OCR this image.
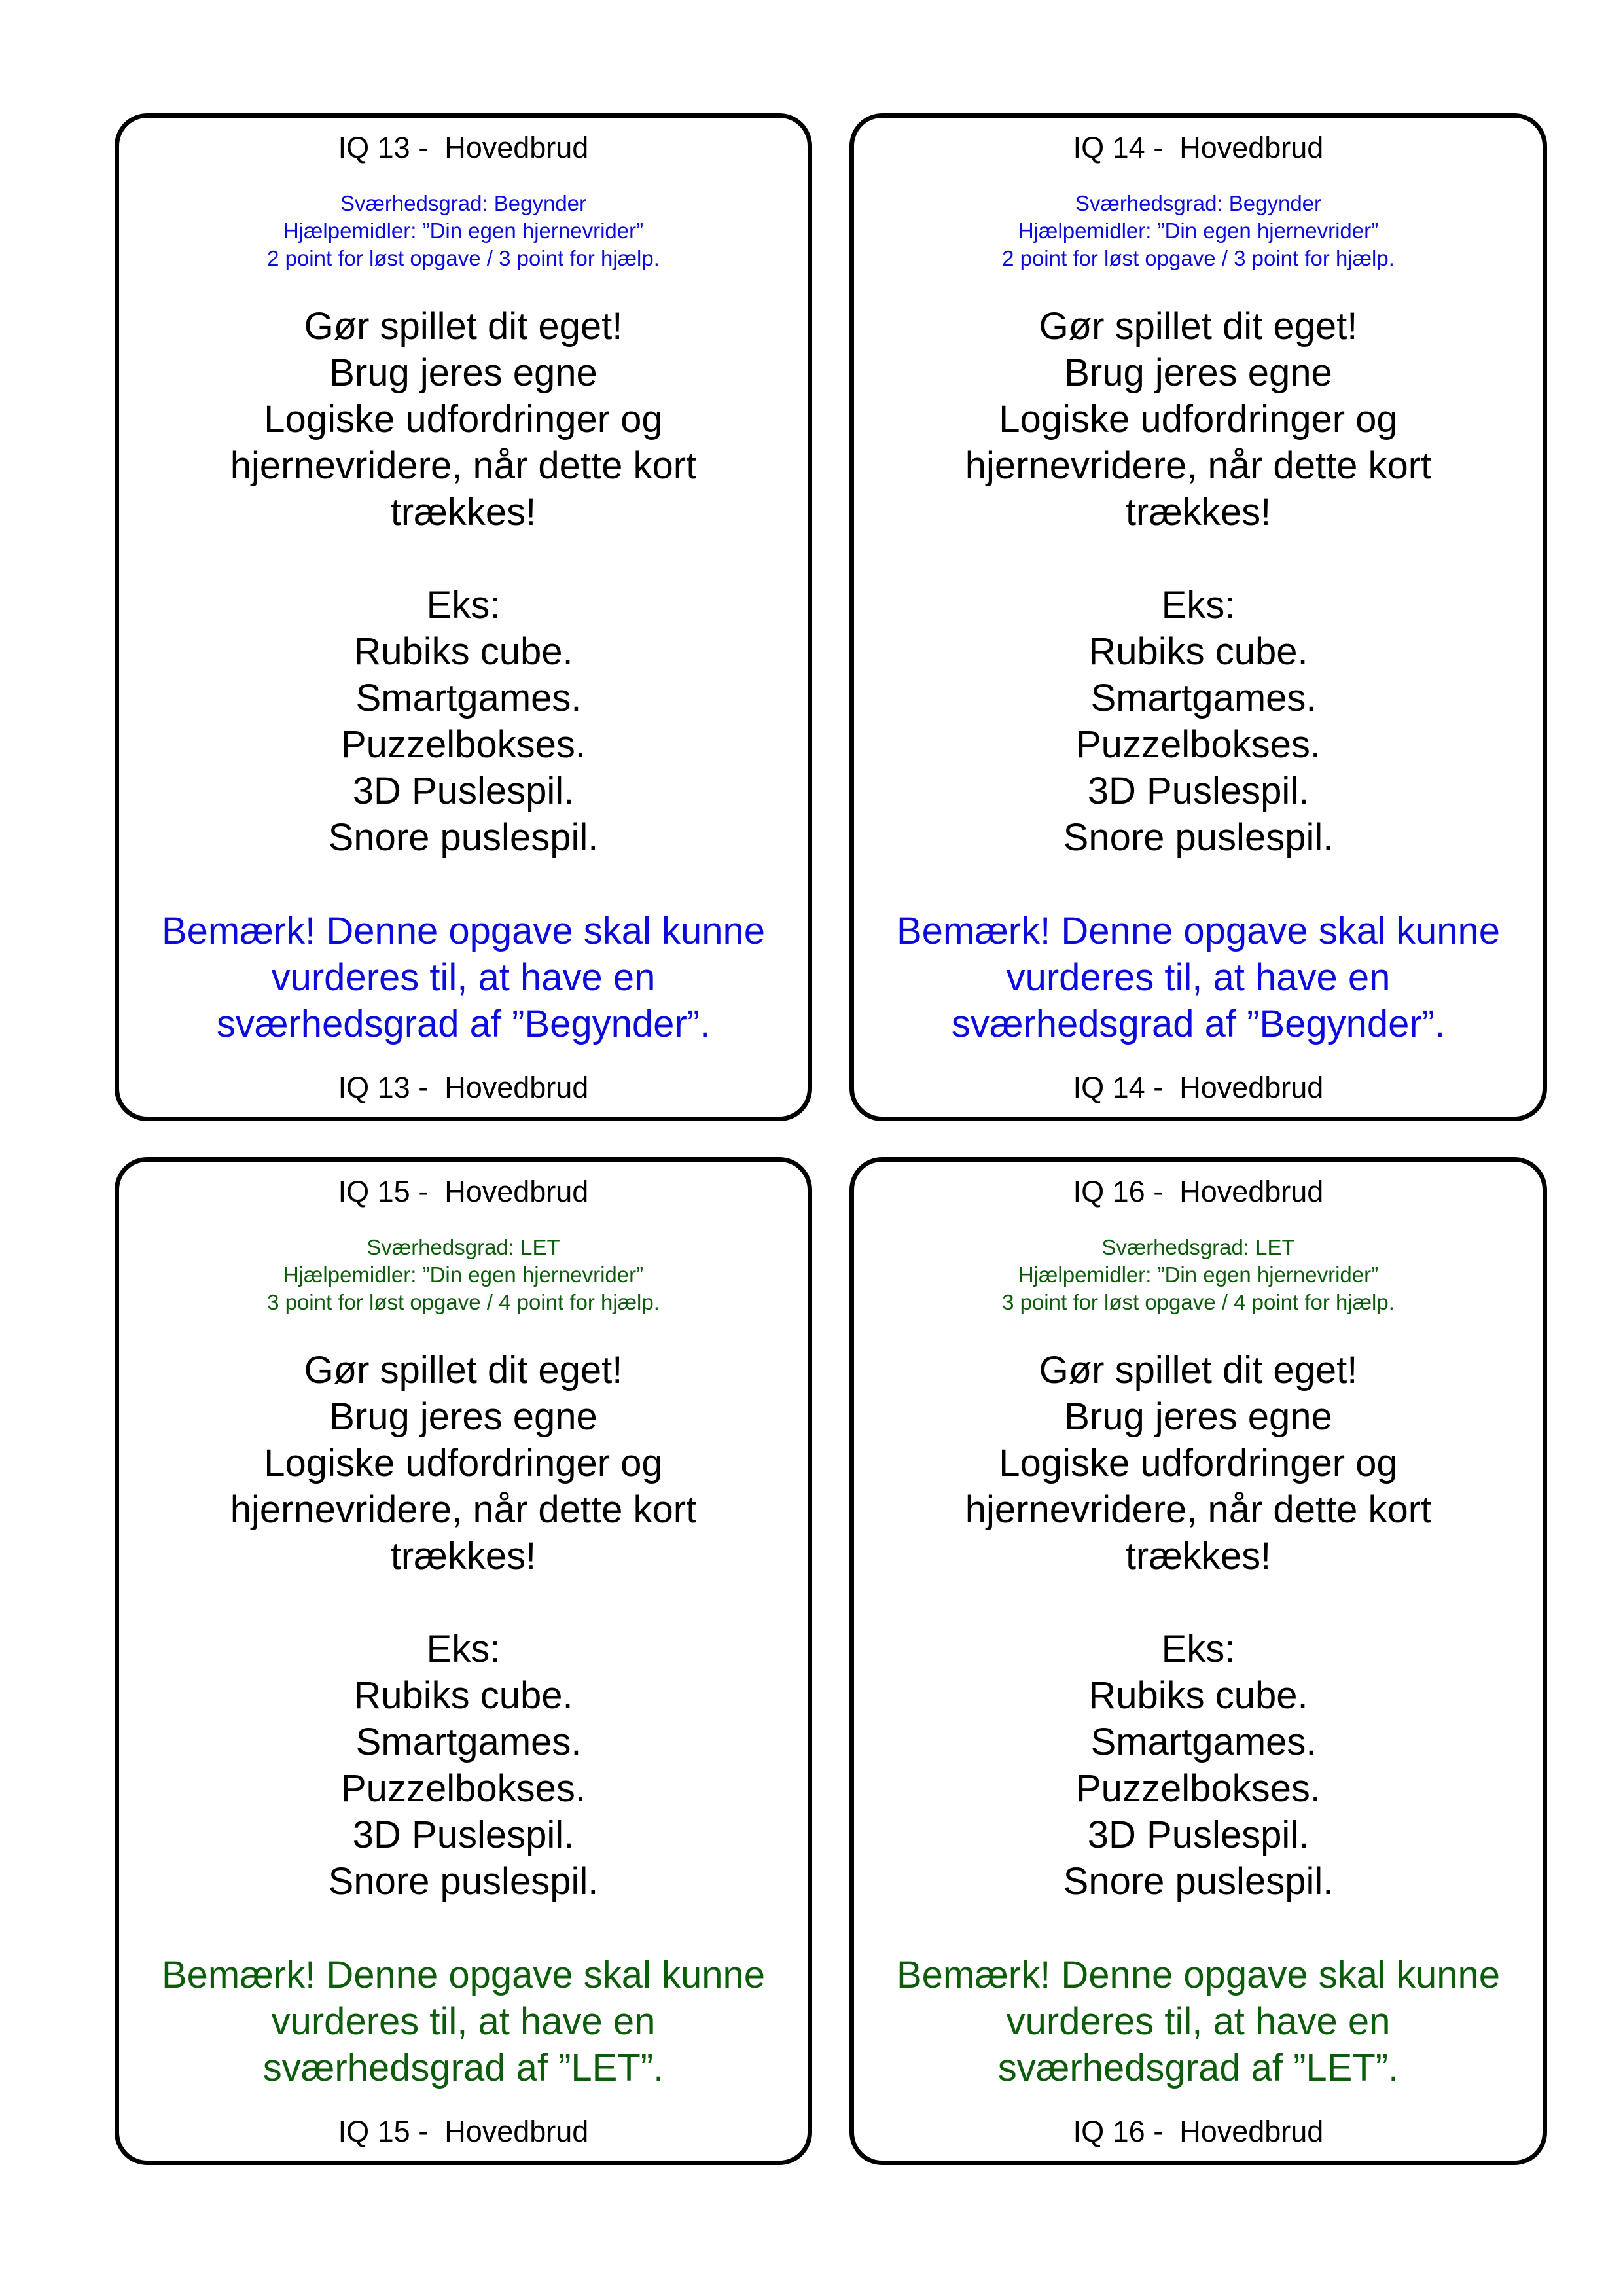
IQ 13 -  Hovedbrud
Sværhedsgrad: Begynder
Hjælpemidler: ”Din egen hjernevrider”
2 point for løst opgave / 3 point for hjælp.
Gør spillet dit eget!
Brug jeres egne
Logiske udfordringer og
hjernevridere, når dette kort
trækkes!
Eks:
Rubiks cube.
Smartgames.
Puzzelbokses.
3D Puslespil.
Snore puslespil.
Bemærk! Denne opgave skal kunne
vurderes til, at have en
sværhedsgrad af ”Begynder”.
IQ 13 -  Hovedbrud
IQ 14 -  Hovedbrud
Sværhedsgrad: Begynder
Hjælpemidler: ”Din egen hjernevrider”
2 point for løst opgave / 3 point for hjælp.
Gør spillet dit eget!
Brug jeres egne
Logiske udfordringer og
hjernevridere, når dette kort
trækkes!
Eks:
Rubiks cube.
Smartgames.
Puzzelbokses.
3D Puslespil.
Snore puslespil.
Bemærk! Denne opgave skal kunne
vurderes til, at have en
sværhedsgrad af ”Begynder”.
IQ 14 -  Hovedbrud
IQ 15 -  Hovedbrud
Sværhedsgrad: LET
Hjælpemidler: ”Din egen hjernevrider”
3 point for løst opgave / 4 point for hjælp.
Gør spillet dit eget!
Brug jeres egne
Logiske udfordringer og
hjernevridere, når dette kort
trækkes!
Eks:
Rubiks cube.
Smartgames.
Puzzelbokses.
3D Puslespil.
Snore puslespil.
Bemærk! Denne opgave skal kunne
vurderes til, at have en
sværhedsgrad af ”LET”.
IQ 15 -  Hovedbrud
IQ 16 -  Hovedbrud
Sværhedsgrad: LET
Hjælpemidler: ”Din egen hjernevrider”
3 point for løst opgave / 4 point for hjælp.
Gør spillet dit eget!
Brug jeres egne
Logiske udfordringer og
hjernevridere, når dette kort
trækkes!
Eks:
Rubiks cube.
Smartgames.
Puzzelbokses.
3D Puslespil.
Snore puslespil.
Bemærk! Denne opgave skal kunne
vurderes til, at have en
sværhedsgrad af ”LET”.
IQ 16 -  Hovedbrud
